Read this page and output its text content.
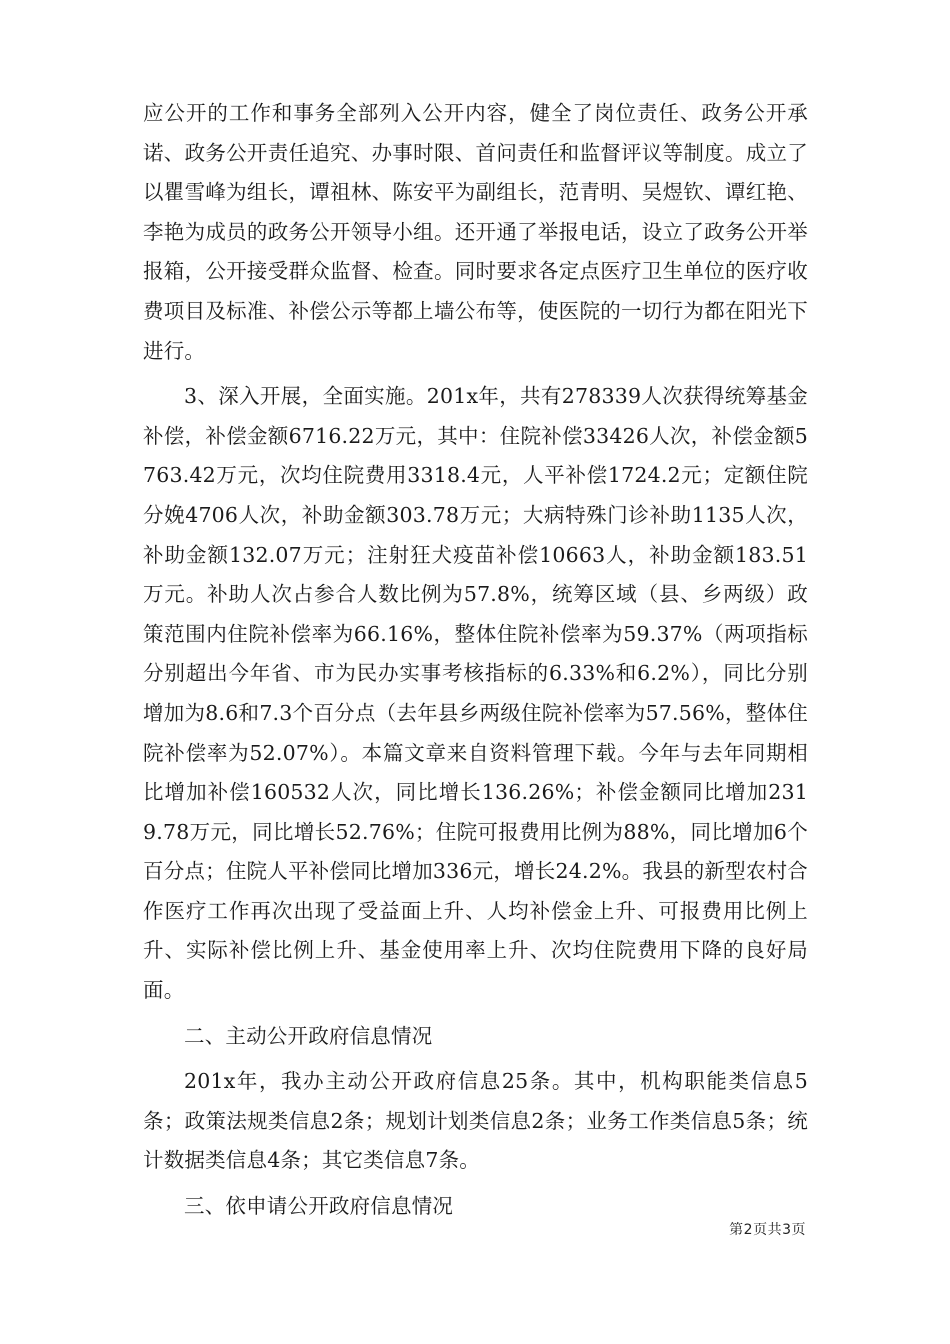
应公开的工作和事务全部列入公开内容，健全了岗位责任、政务公开承诺、政务公开责任追究、办事时限、首问责任和监督评议等制度。成立了以瞿雪峰为组长，谭祖林、陈安平为副组长，范青明、吴煜钦、谭红艳、李艳为成员的政务公开领导小组。还开通了举报电话，设立了政务公开举报箱，公开接受群众监督、检查。同时要求各定点医疗卫生单位的医疗收费项目及标准、补偿公示等都上墙公布等，使医院的一切行为都在阳光下进行。

3、深入开展，全面实施。201x年，共有278339人次获得统筹基金补偿，补偿金额6716.22万元，其中：住院补偿33426人次，补偿金额5763.42万元，次均住院费用3318.4元，人平补偿1724.2元；定额住院分娩4706人次，补助金额303.78万元；大病特殊门诊补助1135人次，补助金额132.07万元；注射狂犬疫苗补偿10663人，补助金额183.51万元。补助人次占参合人数比例为57.8%，统筹区域（县、乡两级）政策范围内住院补偿率为66.16%，整体住院补偿率为59.37%（两项指标分别超出今年省、市为民办实事考核指标的6.33%和6.2%），同比分别增加为8.6和7.3个百分点（去年县乡两级住院补偿率为57.56%，整体住院补偿率为52.07%）。本篇文章来自资料管理下载。今年与去年同期相比增加补偿160532人次，同比增长136.26%；补偿金额同比增加2319.78万元，同比增长52.76%；住院可报费用比例为88%，同比增加6个百分点；住院人平补偿同比增加336元，增长24.2%。我县的新型农村合作医疗工作再次出现了受益面上升、人均补偿金上升、可报费用比例上升、实际补偿比例上升、基金使用率上升、次均住院费用下降的良好局面。

二、主动公开政府信息情况

201x年，我办主动公开政府信息25条。其中，机构职能类信息5条；政策法规类信息2条；规划计划类信息2条；业务工作类信息5条；统计数据类信息4条；其它类信息7条。

三、依申请公开政府信息情况

第2页共3页
